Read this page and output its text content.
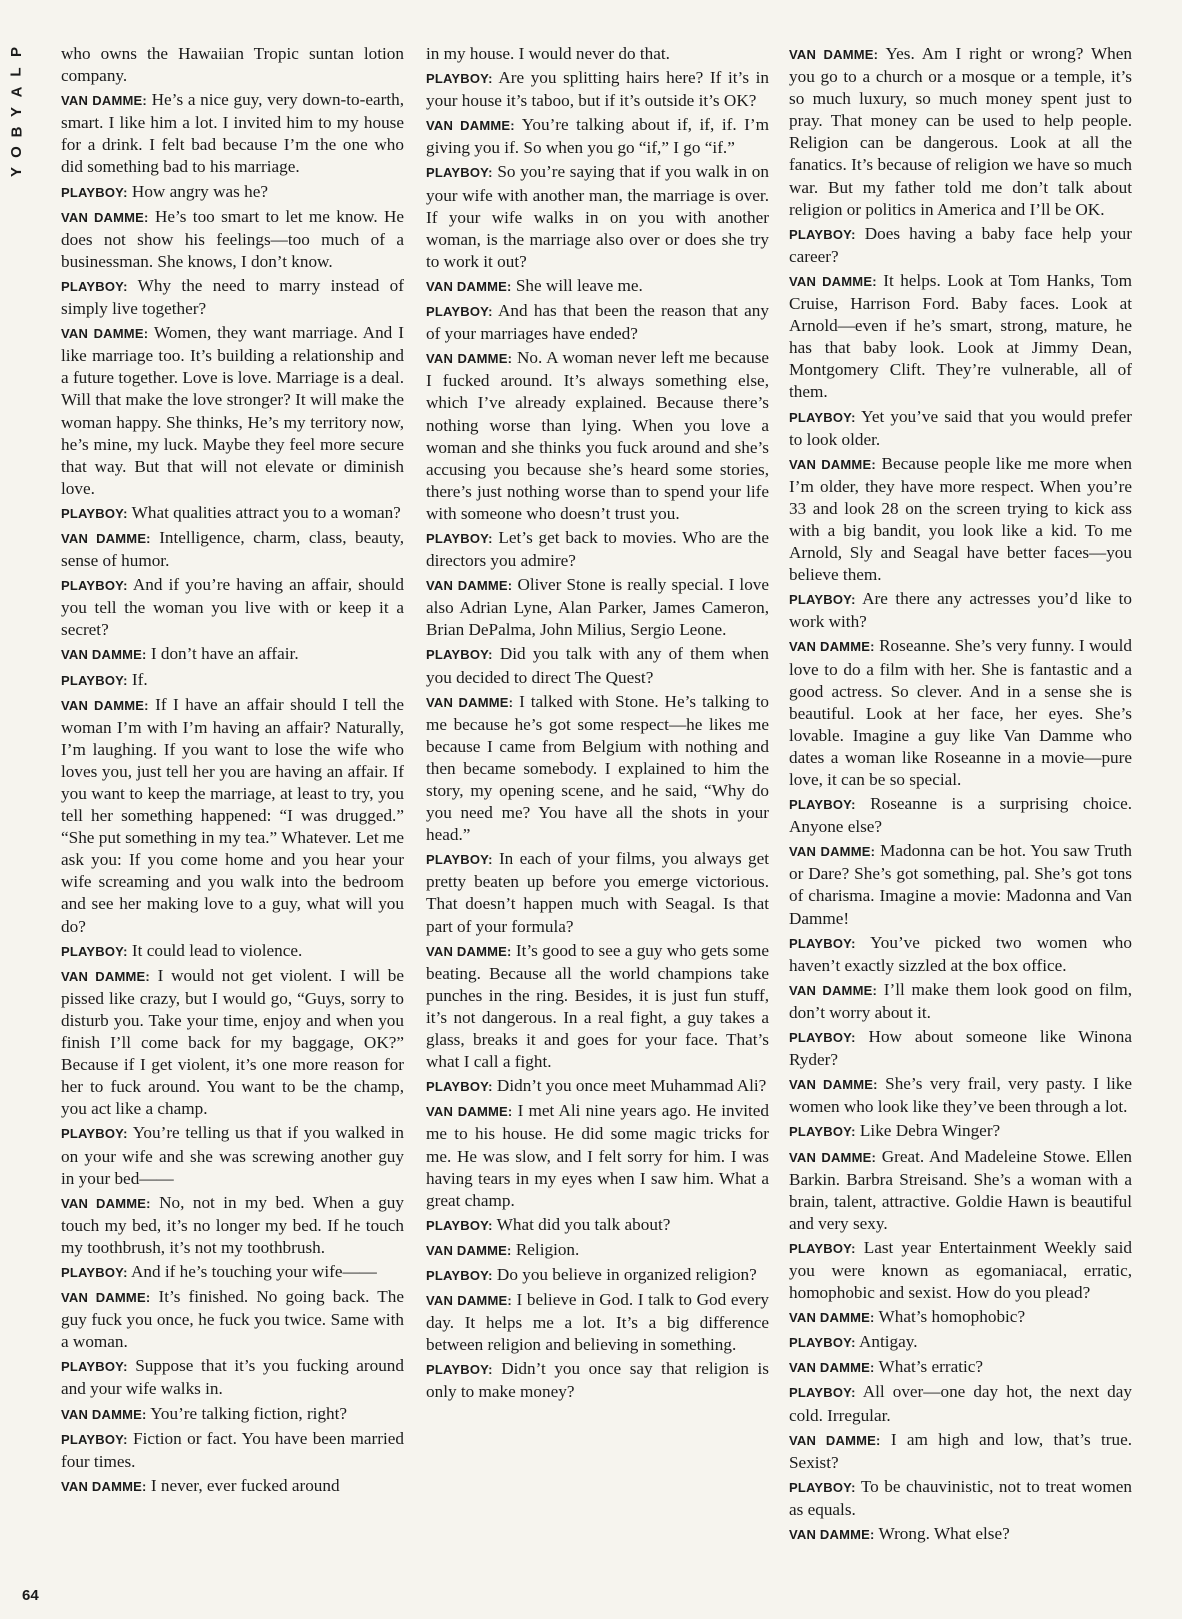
P
L
A
Y
B
O
Y
64

who owns the Hawaiian Tropic suntan lotion company.

VAN DAMME: He’s a nice guy, very down-to-earth, smart. I like him a lot. I invited him to my house for a drink. I felt bad because I’m the one who did something bad to his marriage.

PLAYBOY: How angry was he?

VAN DAMME: He’s too smart to let me know. He does not show his feelings—too much of a businessman. She knows, I don’t know.

PLAYBOY: Why the need to marry instead of simply live together?

VAN DAMME: Women, they want marriage. And I like marriage too. It’s building a relationship and a future together. Love is love. Marriage is a deal. Will that make the love stronger? It will make the woman happy. She thinks, He’s my territory now, he’s mine, my luck. Maybe they feel more secure that way. But that will not elevate or diminish love.

PLAYBOY: What qualities attract you to a woman?

VAN DAMME: Intelligence, charm, class, beauty, sense of humor.

PLAYBOY: And if you’re having an affair, should you tell the woman you live with or keep it a secret?

VAN DAMME: I don’t have an affair.

PLAYBOY: If.

VAN DAMME: If I have an affair should I tell the woman I’m with I’m having an affair? Naturally, I’m laughing. If you want to lose the wife who loves you, just tell her you are having an affair. If you want to keep the marriage, at least to try, you tell her something happened: “I was drugged.” “She put something in my tea.” Whatever. Let me ask you: If you come home and you hear your wife screaming and you walk into the bedroom and see her making love to a guy, what will you do?

PLAYBOY: It could lead to violence.

VAN DAMME: I would not get violent. I will be pissed like crazy, but I would go, “Guys, sorry to disturb you. Take your time, enjoy and when you finish I’ll come back for my baggage, OK?” Because if I get violent, it’s one more reason for her to fuck around. You want to be the champ, you act like a champ.

PLAYBOY: You’re telling us that if you walked in on your wife and she was screwing another guy in your bed——

VAN DAMME: No, not in my bed. When a guy touch my bed, it’s no longer my bed. If he touch my toothbrush, it’s not my toothbrush.

PLAYBOY: And if he’s touching your wife——

VAN DAMME: It’s finished. No going back. The guy fuck you once, he fuck you twice. Same with a woman.

PLAYBOY: Suppose that it’s you fucking around and your wife walks in.

VAN DAMME: You’re talking fiction, right?

PLAYBOY: Fiction or fact. You have been married four times.

VAN DAMME: I never, ever fucked around

in my house. I would never do that.

PLAYBOY: Are you splitting hairs here? If it’s in your house it’s taboo, but if it’s outside it’s OK?

VAN DAMME: You’re talking about if, if, if. I’m giving you if. So when you go “if,” I go “if.”

PLAYBOY: So you’re saying that if you walk in on your wife with another man, the marriage is over. If your wife walks in on you with another woman, is the marriage also over or does she try to work it out?

VAN DAMME: She will leave me.

PLAYBOY: And has that been the reason that any of your marriages have ended?

VAN DAMME: No. A woman never left me because I fucked around. It’s always something else, which I’ve already explained. Because there’s nothing worse than lying. When you love a woman and she thinks you fuck around and she’s accusing you because she’s heard some stories, there’s just nothing worse than to spend your life with someone who doesn’t trust you.

PLAYBOY: Let’s get back to movies. Who are the directors you admire?

VAN DAMME: Oliver Stone is really special. I love also Adrian Lyne, Alan Parker, James Cameron, Brian DePalma, John Milius, Sergio Leone.

PLAYBOY: Did you talk with any of them when you decided to direct The Quest?

VAN DAMME: I talked with Stone. He’s talking to me because he’s got some respect—he likes me because I came from Belgium with nothing and then became somebody. I explained to him the story, my opening scene, and he said, “Why do you need me? You have all the shots in your head.”

PLAYBOY: In each of your films, you always get pretty beaten up before you emerge victorious. That doesn’t happen much with Seagal. Is that part of your formula?

VAN DAMME: It’s good to see a guy who gets some beating. Because all the world champions take punches in the ring. Besides, it is just fun stuff, it’s not dangerous. In a real fight, a guy takes a glass, breaks it and goes for your face. That’s what I call a fight.

PLAYBOY: Didn’t you once meet Muhammad Ali?

VAN DAMME: I met Ali nine years ago. He invited me to his house. He did some magic tricks for me. He was slow, and I felt sorry for him. I was having tears in my eyes when I saw him. What a great champ.

PLAYBOY: What did you talk about?

VAN DAMME: Religion.

PLAYBOY: Do you believe in organized religion?

VAN DAMME: I believe in God. I talk to God every day. It helps me a lot. It’s a big difference between religion and believing in something.

PLAYBOY: Didn’t you once say that religion is only to make money?

VAN DAMME: Yes. Am I right or wrong? When you go to a church or a mosque or a temple, it’s so much luxury, so much money spent just to pray. That money can be used to help people. Religion can be dangerous. Look at all the fanatics. It’s because of religion we have so much war. But my father told me don’t talk about religion or politics in America and I’ll be OK.

PLAYBOY: Does having a baby face help your career?

VAN DAMME: It helps. Look at Tom Hanks, Tom Cruise, Harrison Ford. Baby faces. Look at Arnold—even if he’s smart, strong, mature, he has that baby look. Look at Jimmy Dean, Montgomery Clift. They’re vulnerable, all of them.

PLAYBOY: Yet you’ve said that you would prefer to look older.

VAN DAMME: Because people like me more when I’m older, they have more respect. When you’re 33 and look 28 on the screen trying to kick ass with a big bandit, you look like a kid. To me Arnold, Sly and Seagal have better faces—you believe them.

PLAYBOY: Are there any actresses you’d like to work with?

VAN DAMME: Roseanne. She’s very funny. I would love to do a film with her. She is fantastic and a good actress. So clever. And in a sense she is beautiful. Look at her face, her eyes. She’s lovable. Imagine a guy like Van Damme who dates a woman like Roseanne in a movie—pure love, it can be so special.

PLAYBOY: Roseanne is a surprising choice. Anyone else?

VAN DAMME: Madonna can be hot. You saw Truth or Dare? She’s got something, pal. She’s got tons of charisma. Imagine a movie: Madonna and Van Damme!

PLAYBOY: You’ve picked two women who haven’t exactly sizzled at the box office.

VAN DAMME: I’ll make them look good on film, don’t worry about it.

PLAYBOY: How about someone like Winona Ryder?

VAN DAMME: She’s very frail, very pasty. I like women who look like they’ve been through a lot.

PLAYBOY: Like Debra Winger?

VAN DAMME: Great. And Madeleine Stowe. Ellen Barkin. Barbra Streisand. She’s a woman with a brain, talent, attractive. Goldie Hawn is beautiful and very sexy.

PLAYBOY: Last year Entertainment Weekly said you were known as egomaniacal, erratic, homophobic and sexist. How do you plead?

VAN DAMME: What’s homophobic?

PLAYBOY: Antigay.

VAN DAMME: What’s erratic?

PLAYBOY: All over—one day hot, the next day cold. Irregular.

VAN DAMME: I am high and low, that’s true. Sexist?

PLAYBOY: To be chauvinistic, not to treat women as equals.

VAN DAMME: Wrong. What else?
